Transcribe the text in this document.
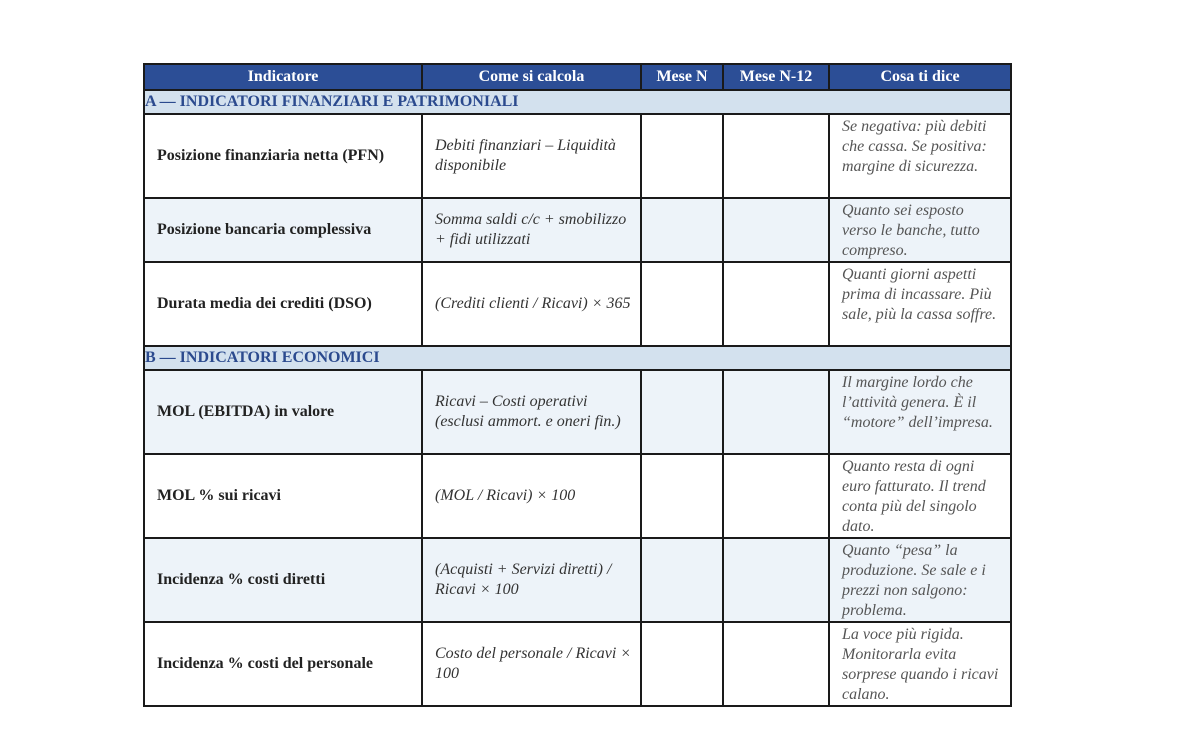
Indicatore	Come si calcola	Mese N	Mese N-12	Cosa ti dice
A — INDICATORI FINANZIARI E PATRIMONIALI				
Posizione finanziaria netta (PFN)	Debiti finanziari – Liquidità disponibile			Se negativa: più debiti che cassa. Se positiva: margine di sicurezza.

Posizione bancaria complessiva	Somma saldi c/c + smobilizzo + fidi utilizzati			Quanto sei esposto verso le banche, tutto compreso.

Durata media dei crediti (DSO)	(Crediti clienti / Ricavi) × 365			Quanti giorni aspetti prima di incassare. Più sale, più la cassa soffre.

B — INDICATORI ECONOMICI				
MOL (EBITDA) in valore	Ricavi – Costi operativi (esclusi ammort. e oneri fin.)			Il margine lordo che l’attività genera. È il “motore” dell’impresa.

MOL % sui ricavi	(MOL / Ricavi) × 100			Quanto resta di ogni euro fatturato. Il trend conta più del singolo dato.

Incidenza % costi diretti	(Acquisti + Servizi diretti) / Ricavi × 100			Quanto “pesa” la produzione. Se sale e i prezzi non salgono: problema.

Incidenza % costi del personale	Costo del personale / Ricavi × 100			La voce più rigida. Monitorarla evita sorprese quando i ricavi calano.
